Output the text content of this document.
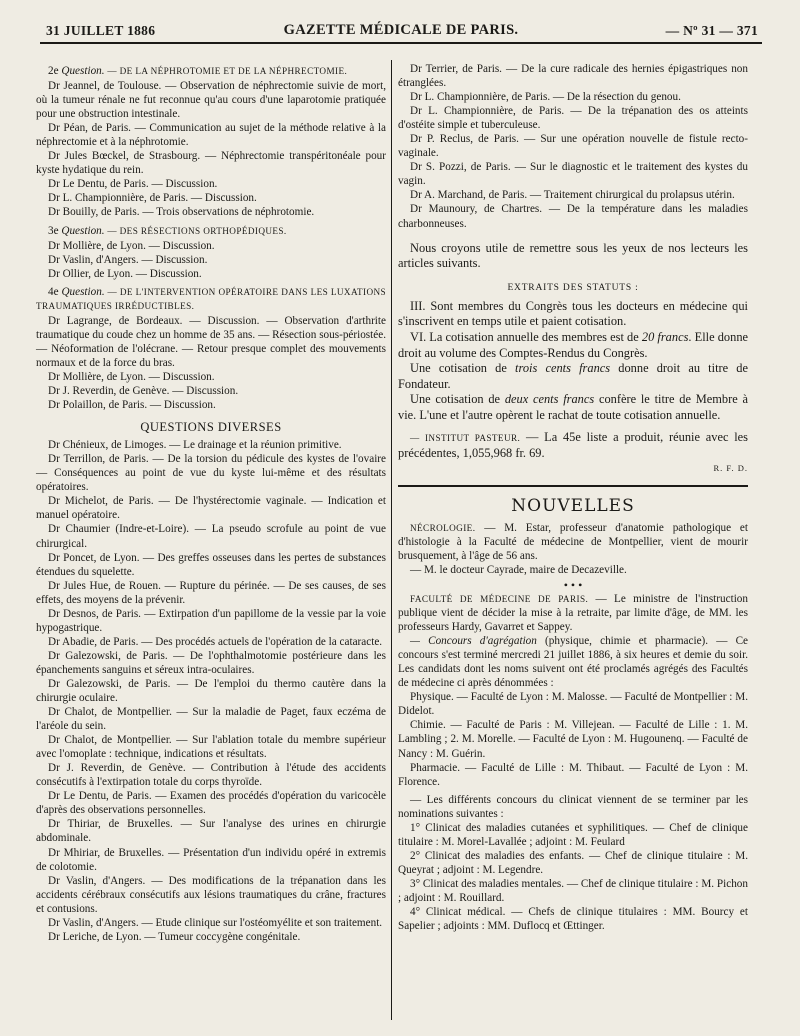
31 JUILLET 1886	GAZETTE MÉDICALE DE PARIS.	— Nº 31 — 371

2e Question. — DE LA NÉPHROTOMIE ET DE LA NÉPHRECTOMIE.

Dr Jeannel, de Toulouse. — Observation de néphrectomie suivie de mort, où la tumeur rénale ne fut reconnue qu'au cours d'une laparotomie pratiquée pour une obstruction intestinale.

Dr Péan, de Paris. — Communication au sujet de la méthode relative à la néphrectomie et à la néphrotomie.

Dr Jules Bœckel, de Strasbourg. — Néphrectomie transpéritonéale pour kyste hydatique du rein.

Dr Le Dentu, de Paris. — Discussion.

Dr L. Championnière, de Paris. — Discussion.

Dr Bouilly, de Paris. — Trois observations de néphrotomie.

3e Question. — DES RÉSECTIONS ORTHOPÉDIQUES.

Dr Mollière, de Lyon. — Discussion.

Dr Vaslin, d'Angers. — Discussion.

Dr Ollier, de Lyon. — Discussion.

4e Question. — DE L'INTERVENTION OPÉRATOIRE DANS LES LUXATIONS TRAUMATIQUES IRRÉDUCTIBLES.

Dr Lagrange, de Bordeaux. — Discussion. — Observation d'arthrite traumatique du coude chez un homme de 35 ans. — Résection sous-périostée. — Néoformation de l'olécrane. — Retour presque complet des mouvements normaux et de la force du bras.

Dr Mollière, de Lyon. — Discussion.

Dr J. Reverdin, de Genève. — Discussion.

Dr Polaillon, de Paris. — Discussion.

QUESTIONS DIVERSES

Dr Chénieux, de Limoges. — Le drainage et la réunion primitive.

Dr Terrillon, de Paris. — De la torsion du pédicule des kystes de l'ovaire — Conséquences au point de vue du kyste lui-même et des résultats opératoires.

Dr Michelot, de Paris. — De l'hystérectomie vaginale. — Indication et manuel opératoire.

Dr Chaumier (Indre-et-Loire). — La pseudo scrofule au point de vue chirurgical.

Dr Poncet, de Lyon. — Des greffes osseuses dans les pertes de substances étendues du squelette.

Dr Jules Hue, de Rouen. — Rupture du périnée. — De ses causes, de ses effets, des moyens de la prévenir.

Dr Desnos, de Paris. — Extirpation d'un papillome de la vessie par la voie hypogastrique.

Dr Abadie, de Paris. — Des procédés actuels de l'opération de la cataracte.

Dr Galezowski, de Paris. — De l'ophthalmotomie postérieure dans les épanchements sanguins et séreux intra-oculaires.

Dr Galezowski, de Paris. — De l'emploi du thermo cautère dans la chirurgie oculaire.

Dr Chalot, de Montpellier. — Sur la maladie de Paget, faux eczéma de l'aréole du sein.

Dr Chalot, de Montpellier. — Sur l'ablation totale du membre supérieur avec l'omoplate : technique, indications et résultats.

Dr J. Reverdin, de Genève. — Contribution à l'étude des accidents consécutifs à l'extirpation totale du corps thyroïde.

Dr Le Dentu, de Paris. — Examen des procédés d'opération du varicocèle d'après des observations personnelles.

Dr Thiriar, de Bruxelles. — Sur l'analyse des urines en chirurgie abdominale.

Dr Mhiriar, de Bruxelles. — Présentation d'un individu opéré in extremis de colotomie.

Dr Vaslin, d'Angers. — Des modifications de la trépanation dans les accidents cérébraux consécutifs aux lésions traumatiques du crâne, fractures et contusions.

Dr Vaslin, d'Angers. — Etude clinique sur l'ostéomyélite et son traitement.

Dr Leriche, de Lyon. — Tumeur coccygène congénitale.

Dr Terrier, de Paris. — De la cure radicale des hernies épigastriques non étranglées.

Dr L. Championnière, de Paris. — De la résection du genou.

Dr L. Championnière, de Paris. — De la trépanation des os atteints d'ostéite simple et tuberculeuse.

Dr P. Reclus, de Paris. — Sur une opération nouvelle de fistule recto-vaginale.

Dr S. Pozzi, de Paris. — Sur le diagnostic et le traitement des kystes du vagin.

Dr A. Marchand, de Paris. — Traitement chirurgical du prolapsus utérin.

Dr Maunoury, de Chartres. — De la température dans les maladies charbonneuses.

Nous croyons utile de remettre sous les yeux de nos lecteurs les articles suivants.

EXTRAITS DES STATUTS :

III. Sont membres du Congrès tous les docteurs en médecine qui s'inscrivent en temps utile et paient cotisation.

VI. La cotisation annuelle des membres est de 20 francs. Elle donne droit au volume des Comptes-Rendus du Congrès.

Une cotisation de trois cents francs donne droit au titre de Fondateur.

Une cotisation de deux cents francs confère le titre de Membre à vie. L'une et l'autre opèrent le rachat de toute cotisation annuelle.

— INSTITUT PASTEUR. — La 45e liste a produit, réunie avec les précédentes, 1,055,968 fr. 69.

R. F. D.
NOUVELLES

NÉCROLOGIE. — M. Estar, professeur d'anatomie pathologique et d'histologie à la Faculté de médecine de Montpellier, vient de mourir brusquement, à l'âge de 56 ans.

— M. le docteur Cayrade, maire de Decazeville.

• • •

FACULTÉ DE MÉDECINE DE PARIS. — Le ministre de l'instruction publique vient de décider la mise à la retraite, par limite d'âge, de MM. les professeurs Hardy, Gavarret et Sappey.

— Concours d'agrégation (physique, chimie et pharmacie). — Ce concours s'est terminé mercredi 21 juillet 1886, à six heures et demie du soir. Les candidats dont les noms suivent ont été proclamés agrégés des Facultés de médecine ci après dénommées :

Physique. — Faculté de Lyon : M. Malosse. — Faculté de Montpellier : M. Didelot.

Chimie. — Faculté de Paris : M. Villejean. — Faculté de Lille : 1. M. Lambling ; 2. M. Morelle. — Faculté de Lyon : M. Hugounenq. — Faculté de Nancy : M. Guérin.

Pharmacie. — Faculté de Lille : M. Thibaut. — Faculté de Lyon : M. Florence.

— Les différents concours du clinicat viennent de se terminer par les nominations suivantes :

1° Clinicat des maladies cutanées et syphilitiques. — Chef de clinique titulaire : M. Morel-Lavallée ; adjoint : M. Feulard

2° Clinicat des maladies des enfants. — Chef de clinique titulaire : M. Queyrat ; adjoint : M. Legendre.

3° Clinicat des maladies mentales. — Chef de clinique titulaire : M. Pichon ; adjoint : M. Rouillard.

4° Clinicat médical. — Chefs de clinique titulaires : MM. Bourcy et Sapelier ; adjoints : MM. Duflocq et Œttinger.
